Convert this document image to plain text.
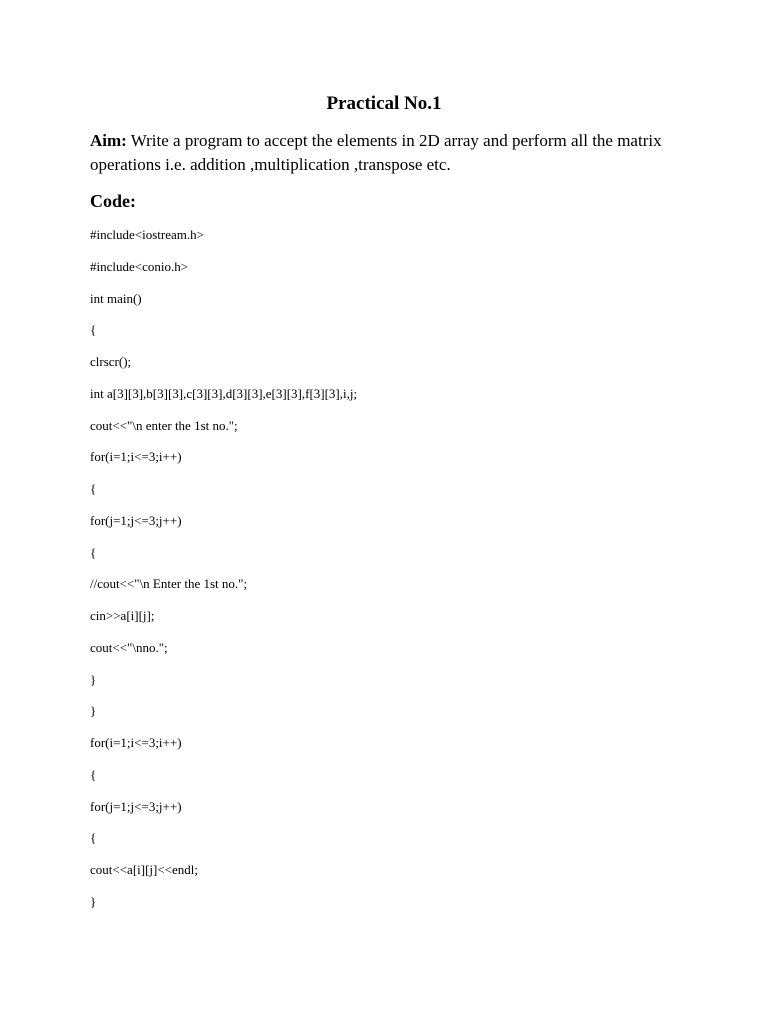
Practical No.1
Aim: Write a program to accept the elements in 2D array and perform all the matrix operations i.e. addition ,multiplication ,transpose etc.
Code:
#include<iostream.h>
#include<conio.h>
int main()
{
clrscr();
int a[3][3],b[3][3],c[3][3],d[3][3],e[3][3],f[3][3],i,j;
cout<<"\n enter the 1st no.";
for(i=1;i<=3;i++)
{
for(j=1;j<=3;j++)
{
//cout<<"\n Enter the 1st no.";
cin>>a[i][j];
cout<<"\nno.";
}
}
for(i=1;i<=3;i++)
{
for(j=1;j<=3;j++)
{
cout<<a[i][j]<<endl;
}
